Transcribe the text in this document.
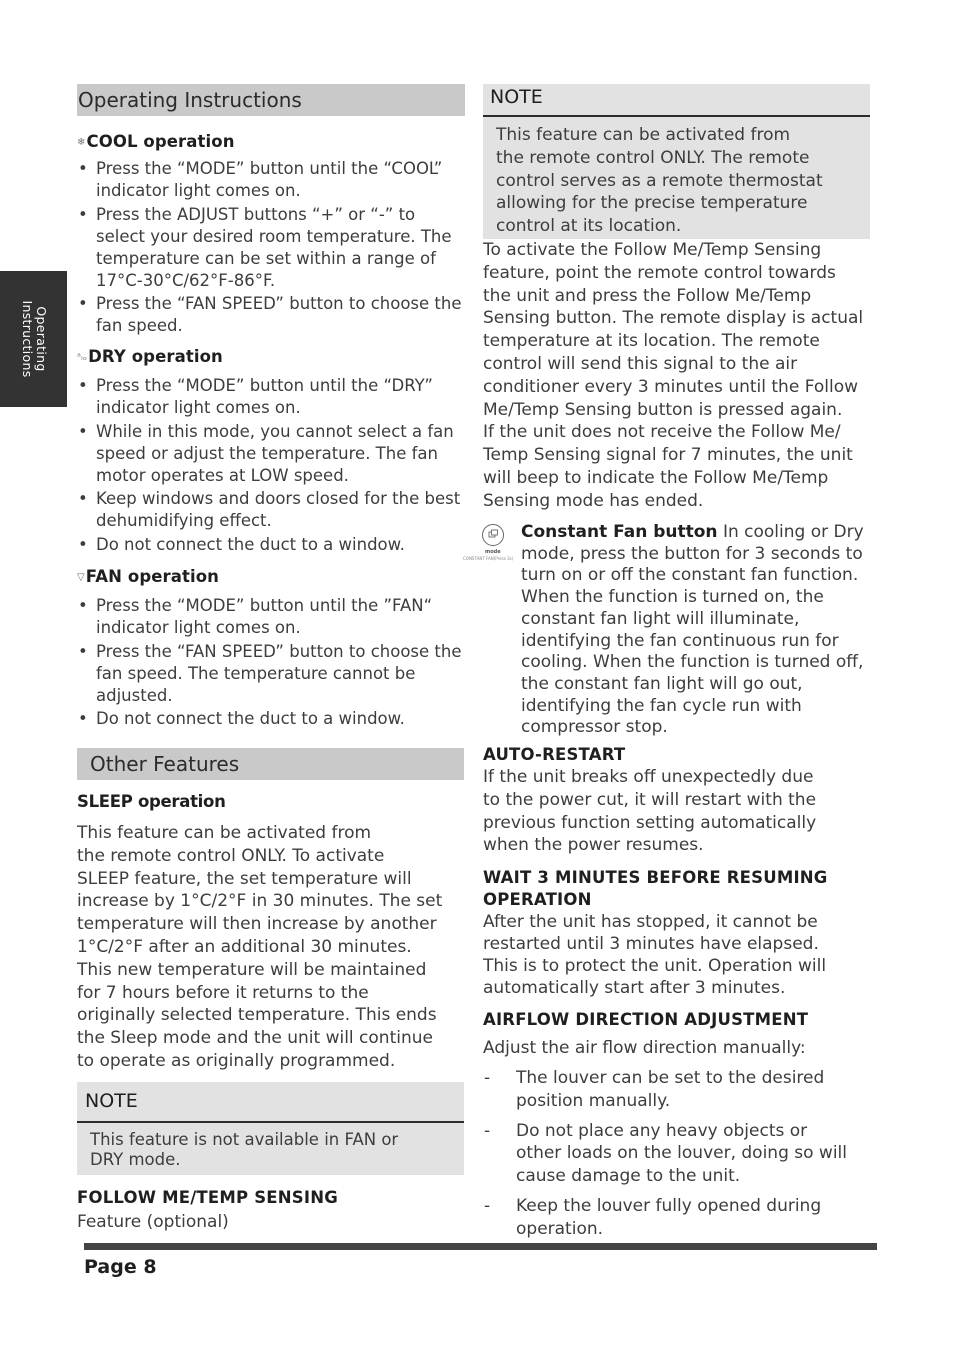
Operating
Instructions
Operating Instructions
❄COOL operation
• Press the “MODE” button until the “COOL” indicator light comes on.
• Press the ADJUST buttons “+” or “-” to select your desired room temperature. The temperature can be set within a range of 17°C-30°C/62°F-86°F.
• Press the “FAN SPEED” button to choose the fan speed.
ᵃᵢₒDRY operation
• Press the “MODE” button until the “DRY” indicator light comes on.
• While in this mode, you cannot select a fan speed or adjust the temperature. The fan motor operates at LOW speed.
• Keep windows and doors closed for the best dehumidifying effect.
• Do not connect the duct to a window.
▽FAN operation
• Press the “MODE” button until the ”FAN“ indicator light comes on.
• Press the “FAN SPEED” button to choose the fan speed. The temperature cannot be adjusted.
• Do not connect the duct to a window.
Other Features
SLEEP operation
This feature can be activated from
the remote control ONLY. To activate
SLEEP feature, the set temperature will
increase by 1°C/2°F in 30 minutes. The set
temperature will then increase by another
1°C/2°F after an additional 30 minutes.
This new temperature will be maintained
for 7 hours before it returns to the
originally selected temperature. This ends
the Sleep mode and the unit will continue
to operate as originally programmed.
NOTE
This feature is not available in FAN or
DRY mode.
FOLLOW ME/TEMP SENSING
Feature (optional)
NOTE
This feature can be activated from
the remote control ONLY. The remote
control serves as a remote thermostat
allowing for the precise temperature
control at its location.
To activate the Follow Me/Temp Sensing
feature, point the remote control towards
the unit and press the Follow Me/Temp
Sensing button. The remote display is actual
temperature at its location. The remote
control will send this signal to the air
conditioner every 3 minutes until the Follow
Me/Temp Sensing button is pressed again.
If the unit does not receive the Follow Me/
Temp Sensing signal for 7 minutes, the unit
will beep to indicate the Follow Me/Temp
Sensing mode has ended.
mode
CONSTANT FAN(Press 3s)
Constant Fan button In cooling or Dry
mode, press the button for 3 seconds to
turn on or off the constant fan function.
When the function is turned on, the
constant fan light will illuminate,
identifying the fan continuous run for
cooling. When the function is turned off,
the constant fan light will go out,
identifying the fan cycle run with
compressor stop.
AUTO-RESTART
If the unit breaks off unexpectedly due
to the power cut, it will restart with the
previous function setting automatically
when the power resumes.
WAIT 3 MINUTES BEFORE RESUMING
OPERATION
After the unit has stopped, it cannot be
restarted until 3 minutes have elapsed.
This is to protect the unit. Operation will
automatically start after 3 minutes.
AIRFLOW DIRECTION ADJUSTMENT
Adjust the air flow direction manually:
- The louver can be set to the desired position manually.
- Do not place any heavy objects or other loads on the louver, doing so will cause damage to the unit.
- Keep the louver fully opened during operation.
Page 8
